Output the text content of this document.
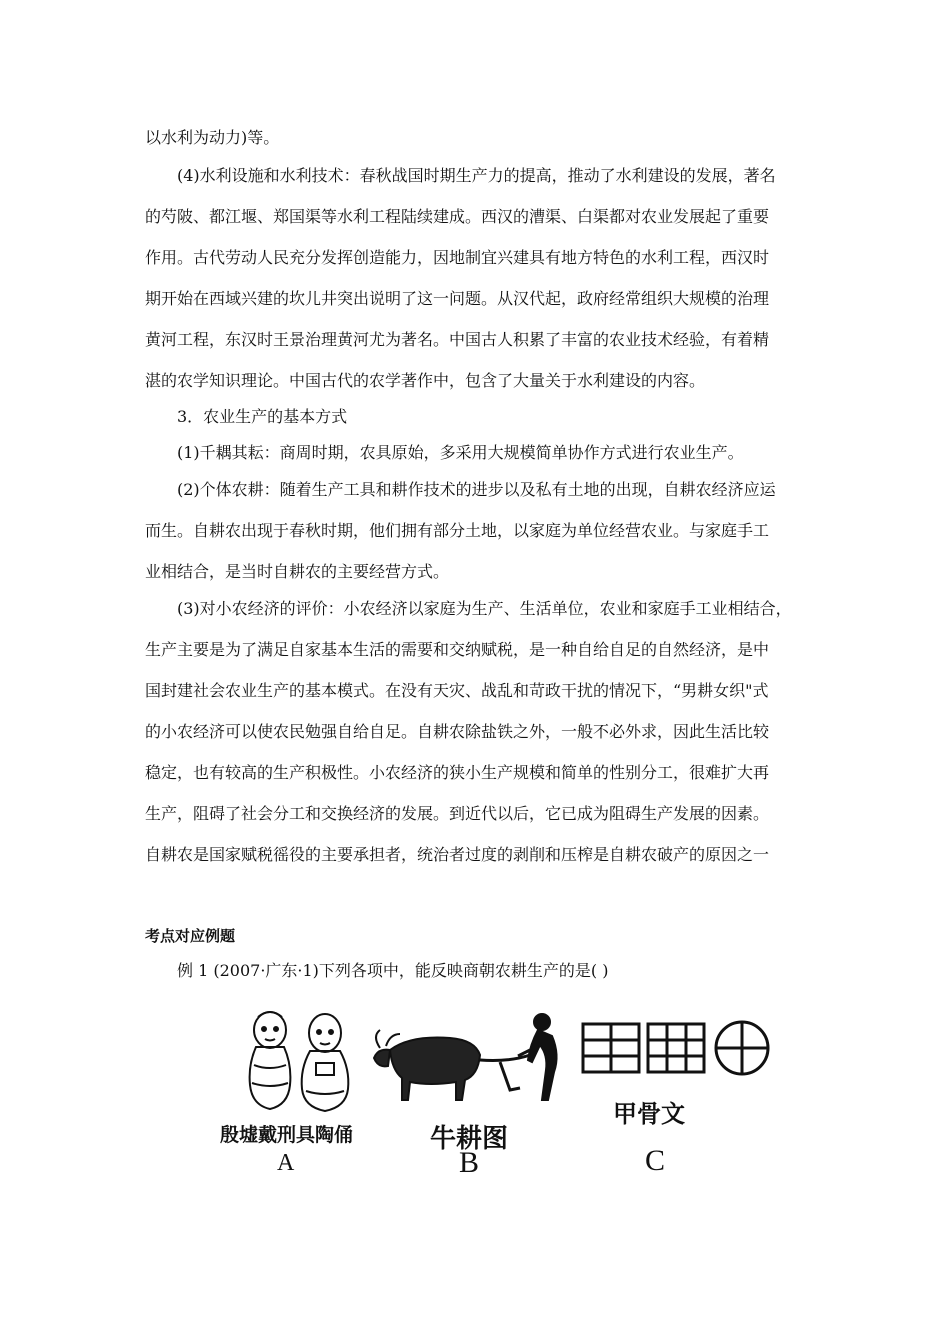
以水利为动力)等。
(4)水利设施和水利技术：春秋战国时期生产力的提高，推动了水利建设的发展，著名
的芍陂、都江堰、郑国渠等水利工程陆续建成。西汉的漕渠、白渠都对农业发展起了重要
作用。古代劳动人民充分发挥创造能力，因地制宜兴建具有地方特色的水利工程，西汉时
期开始在西域兴建的坎儿井突出说明了这一问题。从汉代起，政府经常组织大规模的治理
黄河工程，东汉时王景治理黄河尤为著名。中国古人积累了丰富的农业技术经验，有着精
湛的农学知识理论。中国古代的农学著作中，包含了大量关于水利建设的内容。
3．农业生产的基本方式
(1)千耦其耘：商周时期，农具原始，多采用大规模简单协作方式进行农业生产。
(2)个体农耕：随着生产工具和耕作技术的进步以及私有土地的出现，自耕农经济应运
而生。自耕农出现于春秋时期，他们拥有部分土地，以家庭为单位经营农业。与家庭手工
业相结合，是当时自耕农的主要经营方式。
(3)对小农经济的评价：小农经济以家庭为生产、生活单位，农业和家庭手工业相结合，
生产主要是为了满足自家基本生活的需要和交纳赋税，是一种自给自足的自然经济，是中
国封建社会农业生产的基本模式。在没有天灾、战乱和苛政干扰的情况下，“男耕女织"式
的小农经济可以使农民勉强自给自足。自耕农除盐铁之外，一般不必外求，因此生活比较
稳定，也有较高的生产积极性。小农经济的狭小生产规模和简单的性别分工，很难扩大再
生产，阻碍了社会分工和交换经济的发展。到近代以后，它已成为阻碍生产发展的因素。
自耕农是国家赋税徭役的主要承担者，统治者过度的剥削和压榨是自耕农破产的原因之一
考点对应例题
例 1 (2007·广东·1)下列各项中，能反映商朝农耕生产的是( )
殷墟戴刑具陶俑
A
牛耕图
B
甲骨文
C
